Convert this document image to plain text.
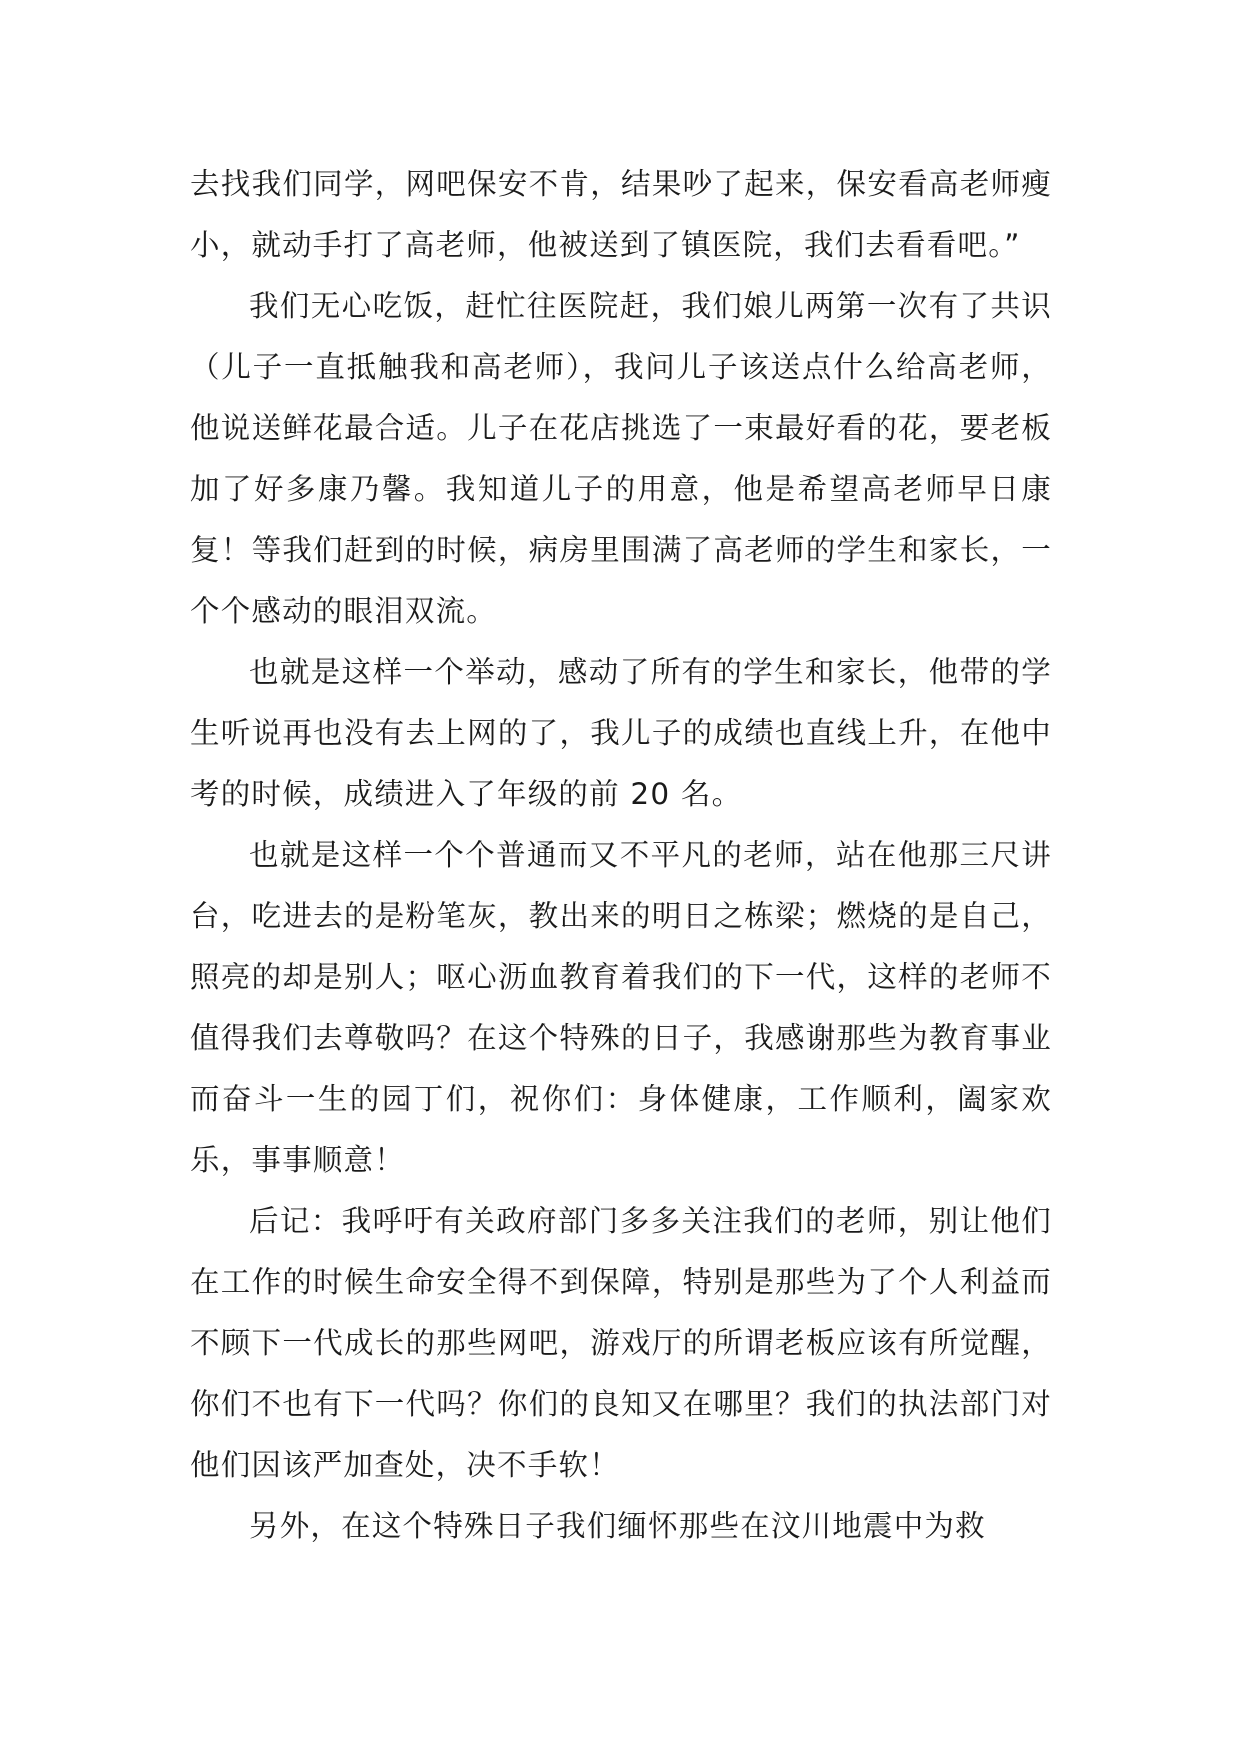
去找我们同学，网吧保安不肯，结果吵了起来，保安看高老师瘦小，就动手打了高老师，他被送到了镇医院，我们去看看吧。”

我们无心吃饭，赶忙往医院赶，我们娘儿两第一次有了共识（儿子一直抵触我和高老师），我问儿子该送点什么给高老师，他说送鲜花最合适。儿子在花店挑选了一束最好看的花，要老板加了好多康乃馨。我知道儿子的用意，他是希望高老师早日康复！等我们赶到的时候，病房里围满了高老师的学生和家长，一个个感动的眼泪双流。

也就是这样一个举动，感动了所有的学生和家长，他带的学生听说再也没有去上网的了，我儿子的成绩也直线上升，在他中考的时候，成绩进入了年级的前 20 名。

也就是这样一个个普通而又不平凡的老师，站在他那三尺讲台，吃进去的是粉笔灰，教出来的明日之栋梁；燃烧的是自己，照亮的却是别人；呕心沥血教育着我们的下一代，这样的老师不值得我们去尊敬吗？在这个特殊的日子，我感谢那些为教育事业而奋斗一生的园丁们，祝你们：身体健康，工作顺利，阖家欢乐，事事顺意！

后记：我呼吁有关政府部门多多关注我们的老师，别让他们在工作的时候生命安全得不到保障，特别是那些为了个人利益而不顾下一代成长的那些网吧，游戏厅的所谓老板应该有所觉醒，你们不也有下一代吗？你们的良知又在哪里？我们的执法部门对他们因该严加查处，决不手软！

另外，在这个特殊日子我们缅怀那些在汶川地震中为救
